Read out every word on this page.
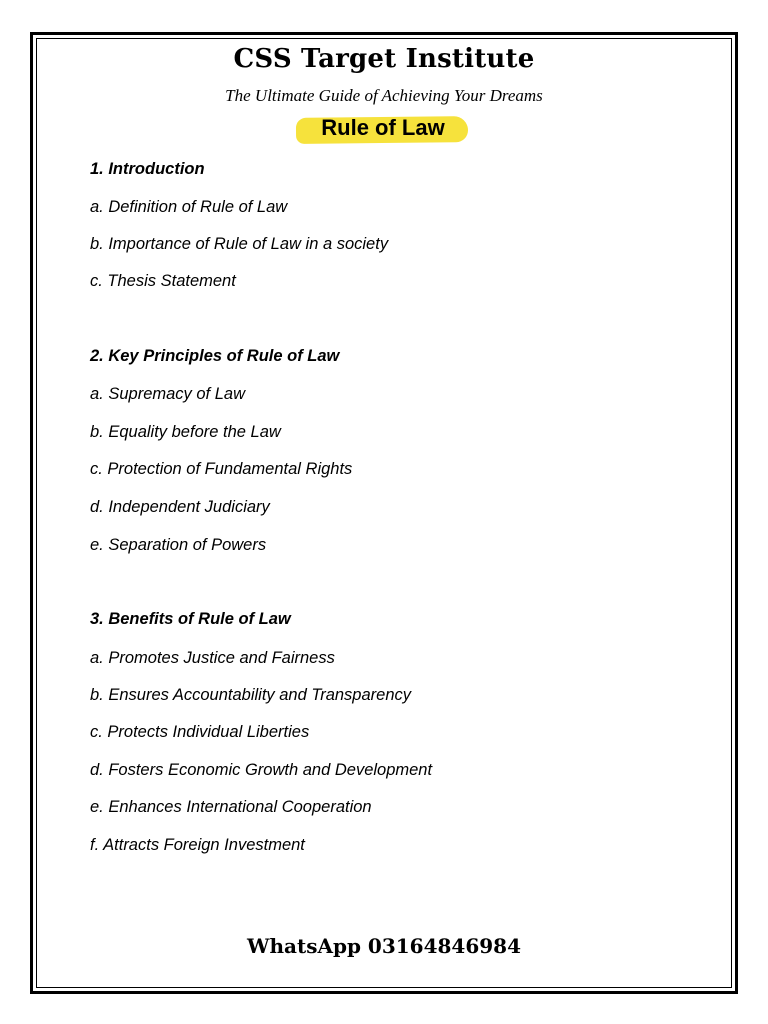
CSS Target Institute
The Ultimate Guide of Achieving Your Dreams
Rule of Law
1. Introduction
a. Definition of Rule of Law
b. Importance of Rule of Law in a society
c. Thesis Statement
2. Key Principles of Rule of Law
a. Supremacy of Law
b. Equality before the Law
c. Protection of Fundamental Rights
d. Independent Judiciary
e. Separation of Powers
3. Benefits of Rule of Law
a. Promotes Justice and Fairness
b. Ensures Accountability and Transparency
c. Protects Individual Liberties
d. Fosters Economic Growth and Development
e. Enhances International Cooperation
f. Attracts Foreign Investment
WhatsApp 03164846984
